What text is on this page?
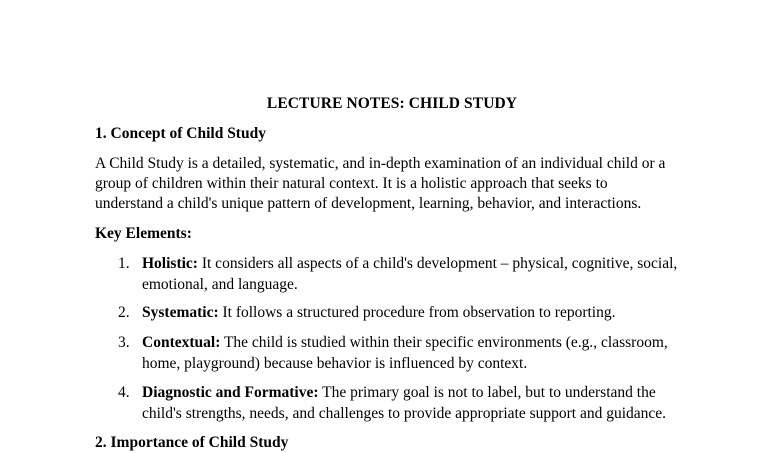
LECTURE NOTES: CHILD STUDY
1. Concept of Child Study
A Child Study is a detailed, systematic, and in-depth examination of an individual child or a
group of children within their natural context. It is a holistic approach that seeks to
understand a child's unique pattern of development, learning, behavior, and interactions.
Key Elements:
1. Holistic: It considers all aspects of a child's development – physical, cognitive, social,
emotional, and language.
2. Systematic: It follows a structured procedure from observation to reporting.
3. Contextual: The child is studied within their specific environments (e.g., classroom,
home, playground) because behavior is influenced by context.
4. Diagnostic and Formative: The primary goal is not to label, but to understand the
child's strengths, needs, and challenges to provide appropriate support and guidance.
2. Importance of Child Study
